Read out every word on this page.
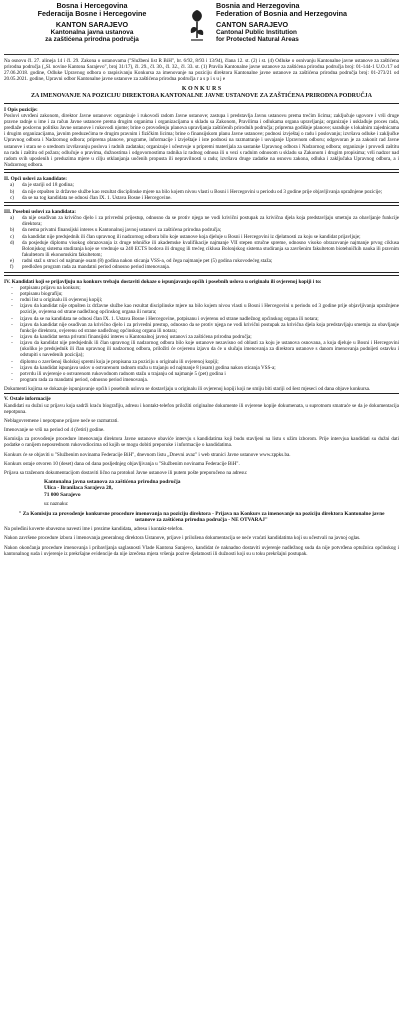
Bosna i Hercegovina
Federacija Bosne i Hercegovine
KANTON SARAJEVO
Kantonalna javna ustanova
za zaštićena prirodna područja
Bosnia and Herzegovina
Federation of Bosnia and Herzegovina
CANTON SARAJEVO
Cantonal Public Institution
for Protected Natural Areas
Na osnovu čl. 27. alineja 14 i čl. 29. Zakona o ustanovama ("Službeni list R BiH", br. 6/92, 8/93 i 13/94), člana 12. st. (2) i st. (4) Odluke o osnivanju Kantonalne javne ustanove za zaštićena prirodna područja („Sl. novine Kantona Sarajevo", broj 31/17), čl. 29., čl. 30., čl. 32., čl. 33. st. (1) Pravila Kantonalne javne ustanove za zaštićena prirodna područja broj: 01-144-1 U.O./17 od 27.06.2018. godine, Odluke Upravnog odbora o raspisivanju Konkursa za imenovanje na poziciju direktora Kantonalne javne ustanove za zaštićena prirodna područja broj: 01-273/21 od 20.05.2021. godine, Upravni odbor Kantonalne javne ustanove za zaštićena prirodna područja r a s p i s u j e
K O N K U R S
ZA IMENOVANJE NA POZICIJU DIREKTORA KANTONALNE JAVNE USTANOVE ZA ZAŠTIĆENA PRIRODNA PODRUČJA
I Opis pozicije:
Poslovi utvrđeni zakonom, direktor Javne ustanove: organizuje i rukovodi radom Javne ustanove; zastupa i predstavlja Javnu ustanovu prema trećim licima; zaključuje ugovore i vrši druge pravne radnje u ime i za račun Javne ustanove prema drugim organima i organizacijama u skladu sa Zakonom, Pravilima i odlukama organa upravljanja; organizuje i usklađuje proces rada, predlaže poslovnu politiku Javne ustanove i rukovodi njome; brine o provođenju planova upravljanja zaštićenih prirodnih područja; priprema godišnje planove; sarađuje s lokalnim zajednicama i drugim organizacijama, javnim preduzećima te drugim pravnim i fizičkim licima; brine o finansijskom planu Javne ustanove; podnosi izvještaj o radu i poslovanju; izvršava odluke i zaključke Upravnog odbora i Nadzornog odbora; priprema planove, programe, informacije i izvještaje i iste podnosi na razmatranje i usvajanje Upravnom odboru; odgovoran je za zakonit rad Javne ustanove i stara se o urednom izvršavanju poslova i radnih zadataka; organizuje i učestvuje u pripremi materijala za sastanke Upravnog odbora i Nadzornog odbora; organizuje i provodi zaštitu na radu i zaštitu od požara; odlučuje o pravima, dužnostima i odgovornostima radnika iz radnog odnosa ili u vezi s radnim odnosom u skladu sa Zakonom i drugim propisima; vrši nadzor nad radom svih uposlenih i preduzima mjere u cilju otklanjanja uočenih propusta ili nepravilnosti u radu; izvršava druge zadatke na osnovu zakona, odluka i zaključaka Upravnog odbora, a i Nadzornog odbora.
II. Opći uslovi za kandidate:
a)	da je stariji od 18 godina;
b)	da nije otpušten iz državne službe kao rezultat disciplinske mjere na bilo kojem nivou vlasti u Bosni i Hercegovini u periodu od 3 godine prije objavljivanja upražnjene pozicije;
c)	da se na tog kandidata ne odnosi član IX. 1. Ustava Bosne i Hercegovine.
III. Posebni uslovi za kandidata:
a)	da nije osuđivan za krivično djelo i za privredni prijestup, odnosno da se protiv njega ne vodi krivični postupak za krivična djela koja predstavljaju smetnju za obavljanje funkcije direktora;
b)	da nema privatni finansijski interes u Kantonalnoj javnoj ustanovi za zaštićena prirodna područja;
c)	da kandidat nije predsjednik ili član upravnog ili nadzornog odbora bilo koje ustanove koja djeluje u Bosni i Hercegovini iz djelatnosti za koju se kandidat prijavljuje;
d)	da posjeduje diplomu visokog obrazovanja iz druge tehničke ili akademske kvalifikacije najmanje VII stepen stručne spreme, odnosno visoko obrazovanje najmanje prvog ciklusa Bolonjskog sistema studiranja koje se vrednuje sa 240 ECTS bodova ili drugog ili trećeg ciklusa Bolonjskog sistema studiranja sa završenim fakultetom biotehničkih nauka ili pravnim fakultetom ili ekonomskim fakultetom;
e)	radni staž u struci od najmanje osam (8) godina nakon sticanja VSS-a, od čega najmanje pet (5) godina rukovodećeg staža;
f)	predložen program rada za mandatni period odnosno period imenovanja.
IV. Kandidati koji se prijavljuju na konkurs trebaju dostaviti dokaze o ispunjavanju općih i posebnih uslova u originalu ili ovjerenoj kopiji i to:
-	potpisanu prijavu na konkurs;
-	potpisanu biografiju;
-	rodni list u originalu ili ovjerenoj kopiji;
-	izjavu da kandidat nije otpušten iz državne službe kao rezultat disciplinske mjere na bilo kojem nivou vlasti u Bosni i Hercegovini u periodu od 3 godine prije objavljivanja upražnjene pozicije, ovjerena od strane nadležnog općinskog organa ili notara;
-	izjavu da se na kandidata ne odnosi član IX. 1. Ustava Bosne i Hercegovine, potpisanu i ovjerenu od strane nadležnog općinskog organa ili notara;
-	izjavu da kandidat nije osuđivan za krivično djelo i za privredni prestup, odnosno da se protiv njega ne vodi krivični postupak za krivična djela koja predstavljaju smetnju za obavljanje funkcije direktora, ovjerenu od strane nadležnog općinskog organa ili notara;
-	izjavu da kandidat nema privatni finansijski interes u Kantonalnoj javnoj ustanovi za zaštićena prirodna područja;
-	izjavu da kandidat nije predsjednik ili član upravnog ili nadzornog odbora bilo koje ustanove nezavisno od oblasti za koju je ustanova osnovana, a koja djeluje u Bosni i Hercegovini (ukoliko je predsjednik ili član upravnog ili nadzornog odbora, priložiti će ovjerenu izjavu da će u slučaju imenovanja za direktora ustanove s danom imenovanja podnijeti ostavku i odstupiti s navedenih pozicija);
-	diplomu o završenoj školskoj spremi koja je propisana za poziciju u originalu ili ovjerenoj kopiji;
-	izjavu da kandidat ispunjava uslov o ostvarenom radnom stažu u trajanju od najmanje 8 (osam) godina nakon sticanja VSS-a;
-	potvrdu ili uvjerenje o ostvarenom rukovodnom radnom stažu u trajanju od najmanje 5 (pet) godina i
-	program rada za mandatni period, odnosno period imenovanja.
Dokumenti kojima se dokazuje ispunjavanje općih i posebnih uslova se dostavljaju u originalu ili ovjerenoj kopiji koji ne smiju biti stariji od šest mjeseci od dana objave konkursa.
V. Ostale informacije
Kandidati su dužni uz prijavu koja sadrži kraću biografiju, adresu i kontakt-telefon priložiti originalne dokumente ili ovjerene kopije dokumenata, u suprotnom smatraće se da je dokumentacija nepotpuna.
Neblagovremene i nepotpune prijave neće se razmatrati.
Imenovanje se vrši na period od 4 (četiri) godine.
Komisija za provođenje procedure imenovanja direktora Javne ustanove obaviće intervju s kandidatima koji budu stavljeni na listu s užim izborom. Prije intervjua kandidati su dužni dati podatke o ranijem neposrednom rukovodiocima od kojih se mogu dobiti preporuke i informacije o kandidatima.
Konkurs će se objaviti u "Službenim novinama Federacije BiH", dnevnom listu „Dnevni avaz" i web stranici Javne ustanove www.zppks.ba.
Konkurs ostaje otvoren 10 (deset) dana od dana posljednjeg objavljivanja u "Službenim novinama Federacije BiH".
Prijava sa traženom dokumentacijom dostaviti lično na protokol Javne ustanove ili putem pošte preporučeno na adresu:
Kantonalna javna ustanova za zaštićena prirodna područja
Ulica - Branilaca Sarajeva 28,
71 000 Sarajevo
uz naznaku:
" Za Komisiju za provođenje konkursne procedure imenovanja na poziciju direktora - Prijava na Konkurs za imenovanje na poziciju direktora Kantonalne javne ustanove za zaštićena prirodna područja - NE OTVARAJ"
Na poleđini koverte obavezno navesti ime i prezime kandidata, adresu i kontakt-telefon.
Nakon završene procedure izbora i imenovanja generalnog direktora Ustanove, prijave i priložena dokumentacija se neće vraćati kandidatima koji su učestvali na javnoj oglas.
Nakon okončanja procedure imenovanja i pribavljanja saglasnosti Vlade Kantona Sarajevo, kandidat će naknadno dostaviti uvjerenje nadležnog suda da nije potvrđena optužnica općinskog i kantonalnog suda i uvjerenje iz prekršajne evidencije da nije izrečena mjera vršenja pozive djelatnosti ili dužnosti koji su u toku prekršajni postupak.
